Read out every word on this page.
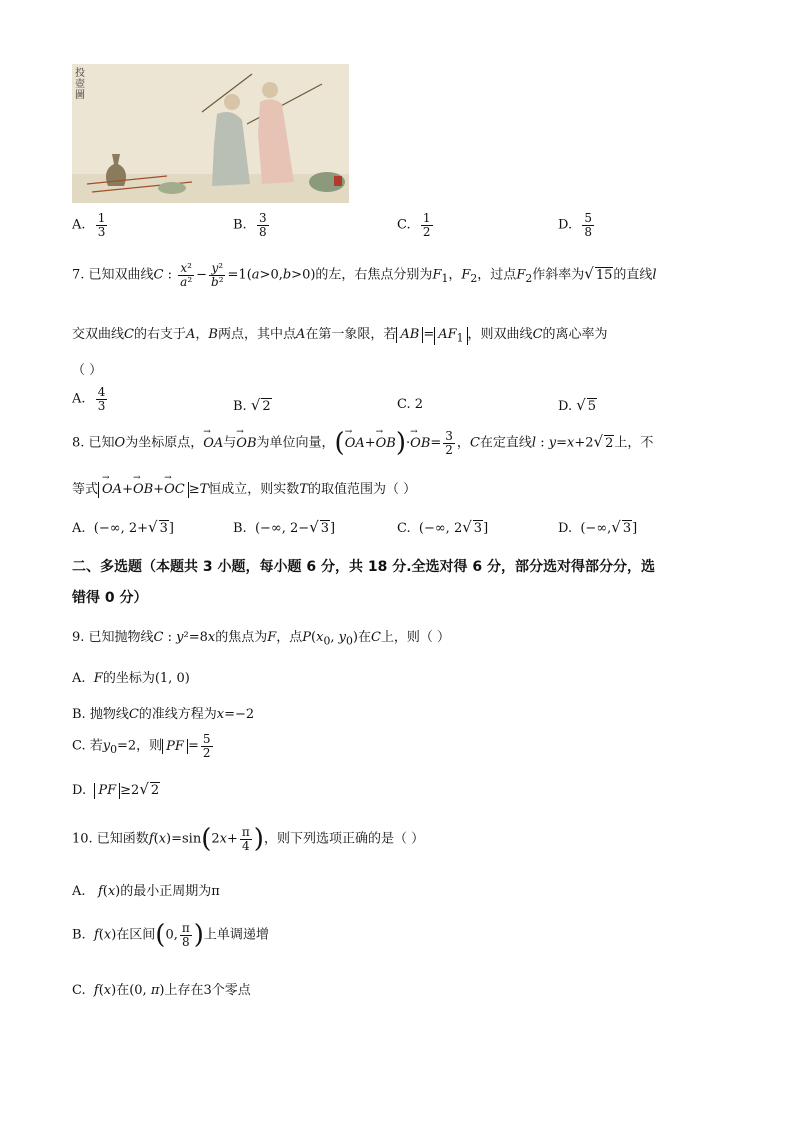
投壺圖
A. $\frac{1}{3}$	B. $\frac{3}{8}$	C. $\frac{1}{2}$	D. $\frac{5}{8}$
7. 已知双曲线C : $\frac{\text{x²}}{\text{a²}} - \frac{\text{y²}}{\text{b²}} =1(a>0,b>0)$的左，右焦点分别为$F_1$，$F_2$，过点$F_2$作斜率为√ 15的直线l
交双曲线C的右支于A，B两点，其中点A在第一象限，若 AB = $AF_1$ ，则双曲线C的离心率为
（ ）
A. $\frac{4}{3}$	B. √ 2	C. 2	D. √ 5
8. 已知O为坐标原点，→ OA与→ OB为单位向量，(→ $OA+\to OB)\cdot\to OB= \frac{3}{2}$ ，C在定直线l : y=x+2√ 2上，不
等式→ OA+→ OB+→ OC ≥T恒成立，则实数T的取值范围为（ ）
A.  (−∞, 2+√ 3]	B.  (−∞, 2−√ 3]	C.  (−∞, 2√ 3]	D.  (−∞,√ 3]
二、多选题（本题共 3 小题，每小题 6 分，共 18 分.全选对得 6 分，部分选对得部分分，选
错得 0 分）
9. 已知抛物线C : y²=8x的焦点为F，点$P(x_0$, $y_0$)在C上，则（ ）
A. F的坐标为(1, 0)
B. 抛物线C的准线方程为x=−2
C. 若$y_0=2$，则 PF = $\frac{5}{2}$
D. PF ≥2√ 2
10. 已知函数$f(x)=\sin(2x+ \frac{\pi}{4}$ )，则下列选项正确的是（ ）
A. f(x)的最小正周期为π
B. f(x)在区间(0, $\frac{\pi}{8}$ )上单调递增
C. f(x)在(0, π)上存在3个零点
